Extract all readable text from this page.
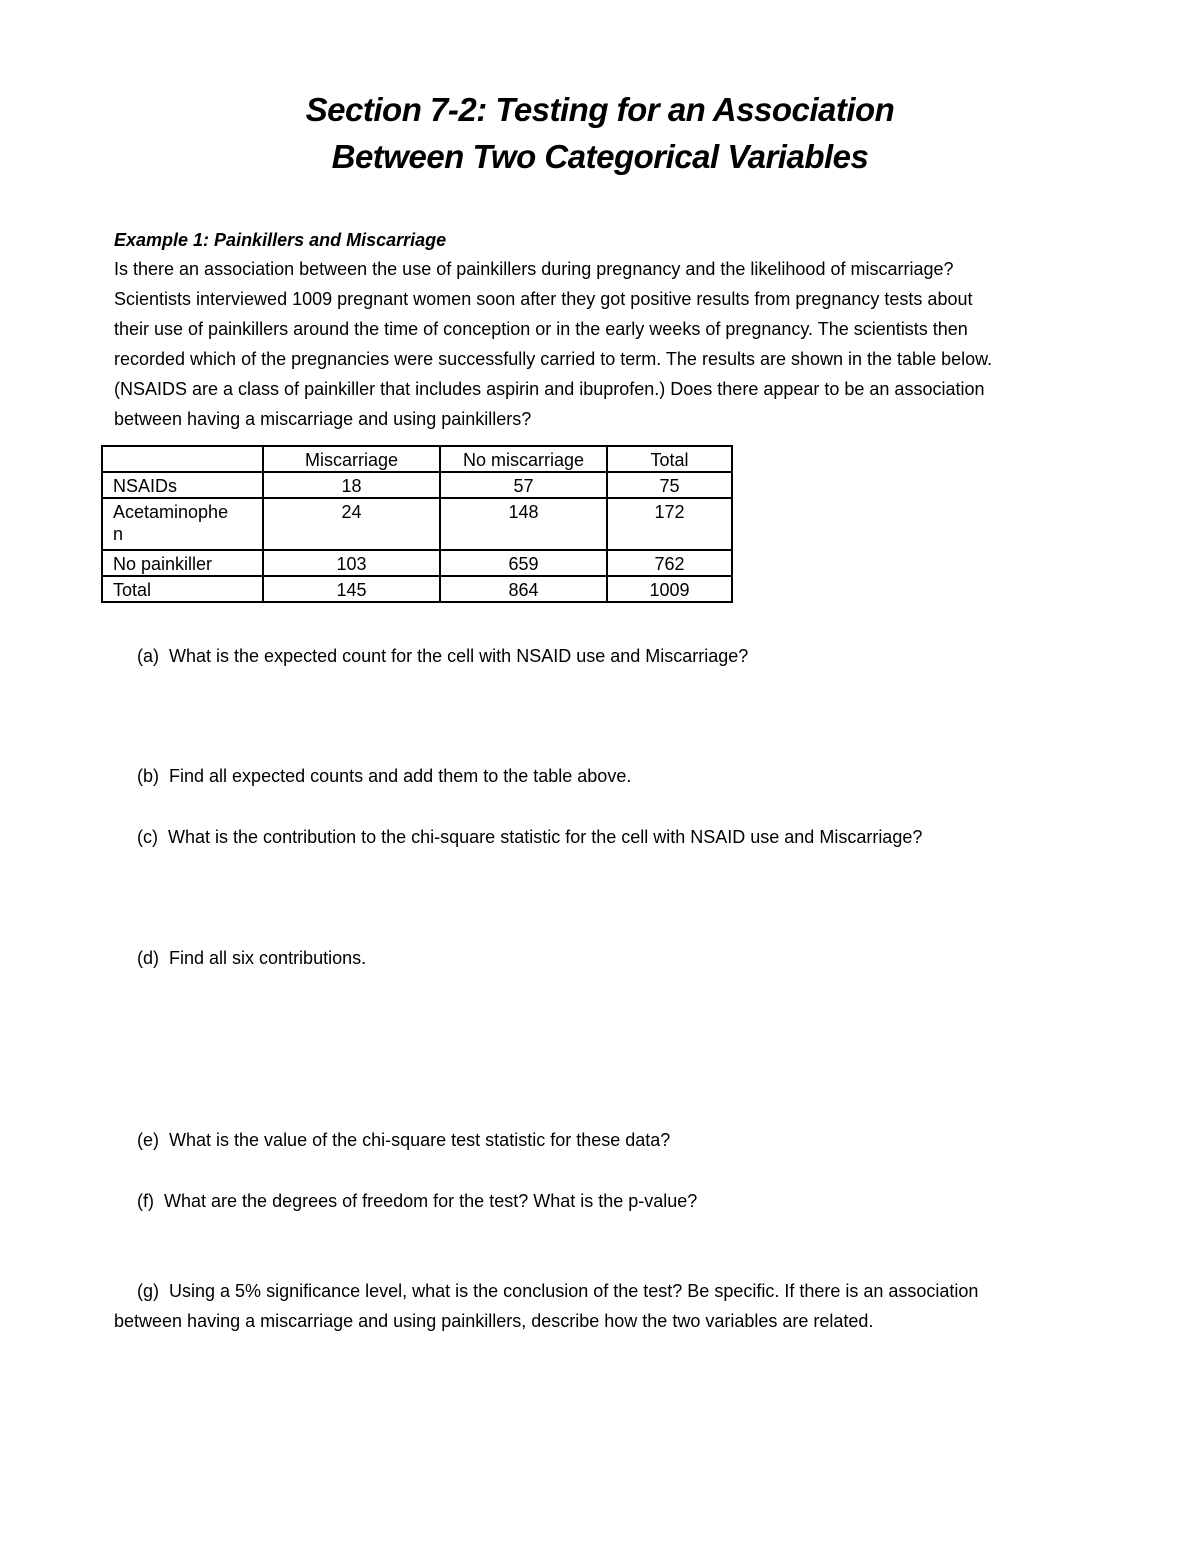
Section 7-2: Testing for an Association
Between Two Categorical Variables
Example 1: Painkillers and Miscarriage
Is there an association between the use of painkillers during pregnancy and the likelihood of miscarriage?
Scientists interviewed 1009 pregnant women soon after they got positive results from pregnancy tests about
their use of painkillers around the time of conception or in the early weeks of pregnancy. The scientists then
recorded which of the pregnancies were successfully carried to term. The results are shown in the table below.
(NSAIDS are a class of painkiller that includes aspirin and ibuprofen.) Does there appear to be an association
between having a miscarriage and using painkillers?
	Miscarriage	No miscarriage	Total
NSAIDs	18	57	75

Acetaminophe
n	24	148	172
No painkiller	103	659	762
Total	145	864	1009
(a) What is the expected count for the cell with NSAID use and Miscarriage?
(b) Find all expected counts and add them to the table above.
(c) What is the contribution to the chi-square statistic for the cell with NSAID use and Miscarriage?
(d) Find all six contributions.
(e) What is the value of the chi-square test statistic for these data?
(f) What are the degrees of freedom for the test? What is the p-value?
(g) Using a 5% significance level, what is the conclusion of the test? Be specific. If there is an association
between having a miscarriage and using painkillers, describe how the two variables are related.
